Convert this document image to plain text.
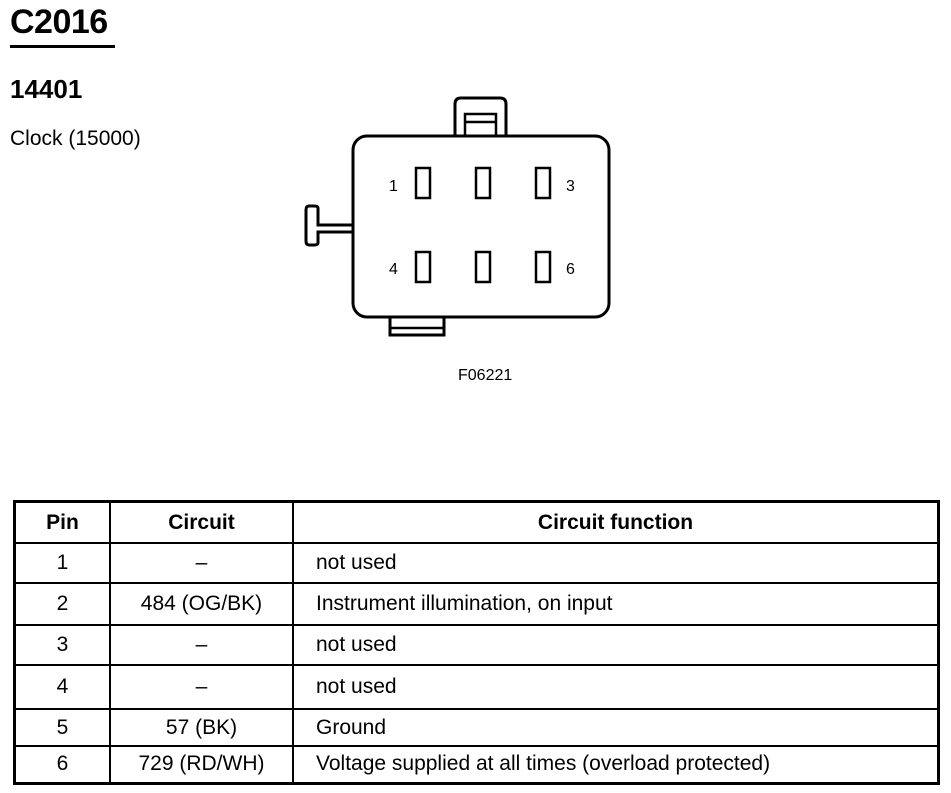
C2016
14401
Clock (15000)
1	3
4	6
F06221
Pin	Circuit	Circuit function
1	–	not used
2	484 (OG/BK)	Instrument illumination, on input
3	–	not used
4	–	not used
5	57 (BK)	Ground
6	729 (RD/WH)	Voltage supplied at all times (overload protected)
